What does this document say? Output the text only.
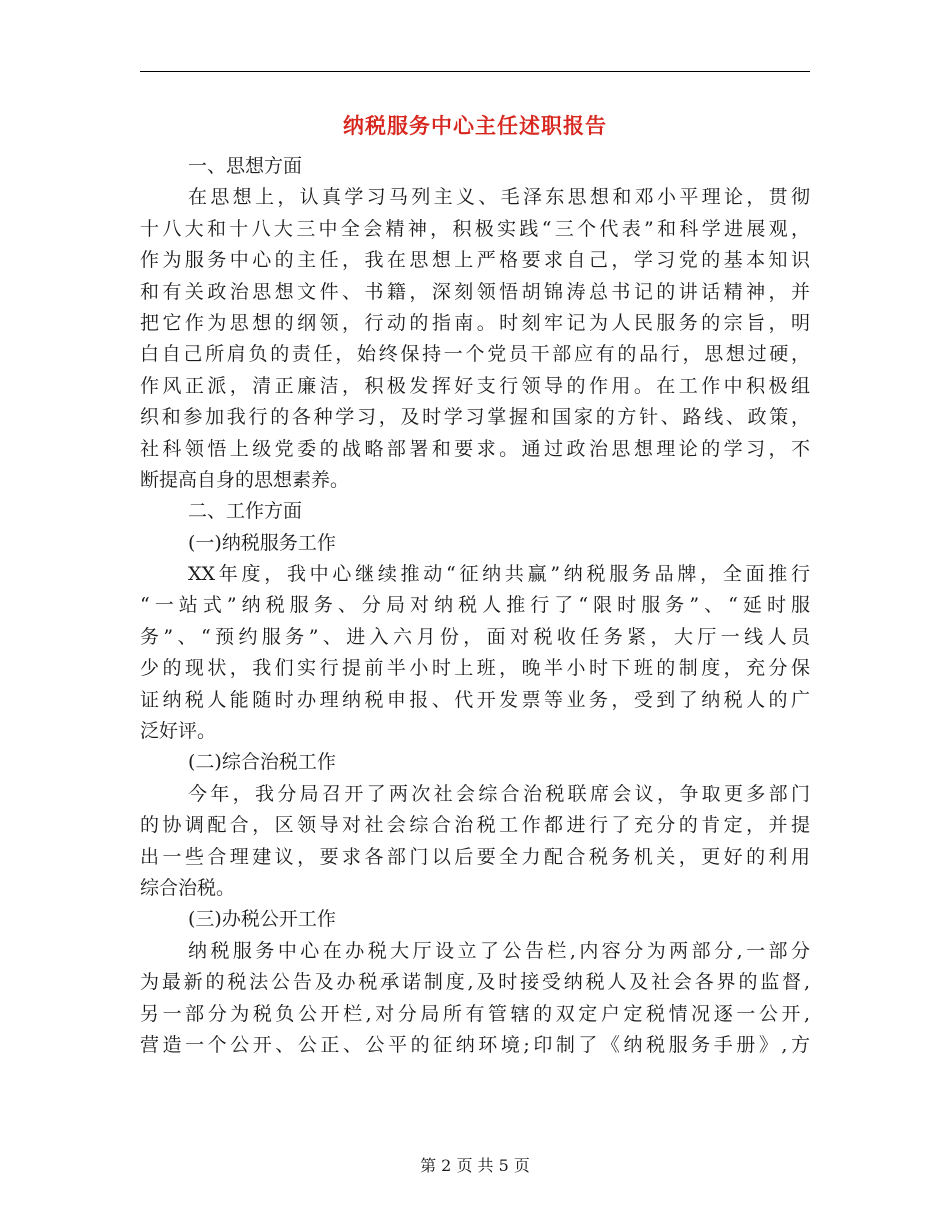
纳税服务中心主任述职报告
一、思想方面
在思想上，认真学习马列主义、毛泽东思想和邓小平理论，贯彻
十八大和十八大三中全会精神，积极实践“三个代表”和科学进展观，
作为服务中心的主任，我在思想上严格要求自己，学习党的基本知识
和有关政治思想文件、书籍，深刻领悟胡锦涛总书记的讲话精神，并
把它作为思想的纲领，行动的指南。时刻牢记为人民服务的宗旨，明
白自己所肩负的责任，始终保持一个党员干部应有的品行，思想过硬，
作风正派，清正廉洁，积极发挥好支行领导的作用。在工作中积极组
织和参加我行的各种学习，及时学习掌握和国家的方针、路线、政策，
社科领悟上级党委的战略部署和要求。通过政治思想理论的学习，不
断提高自身的思想素养。
二、工作方面
(一)纳税服务工作
XX年度，我中心继续推动“征纳共赢”纳税服务品牌，全面推行
“一站式”纳税服务、分局对纳税人推行了“限时服务”、“延时服
务”、“预约服务”、进入六月份，面对税收任务紧，大厅一线人员
少的现状，我们实行提前半小时上班，晚半小时下班的制度，充分保
证纳税人能随时办理纳税申报、代开发票等业务，受到了纳税人的广
泛好评。
(二)综合治税工作
今年，我分局召开了两次社会综合治税联席会议，争取更多部门
的协调配合，区领导对社会综合治税工作都进行了充分的肯定，并提
出一些合理建议，要求各部门以后要全力配合税务机关，更好的利用
综合治税。
(三)办税公开工作
纳税服务中心在办税大厅设立了公告栏,内容分为两部分,一部分
为最新的税法公告及办税承诺制度,及时接受纳税人及社会各界的监督,
另一部分为税负公开栏,对分局所有管辖的双定户定税情况逐一公开,
营造一个公开、公正、公平的征纳环境;印制了《纳税服务手册》,方
第 2 页 共 5 页
